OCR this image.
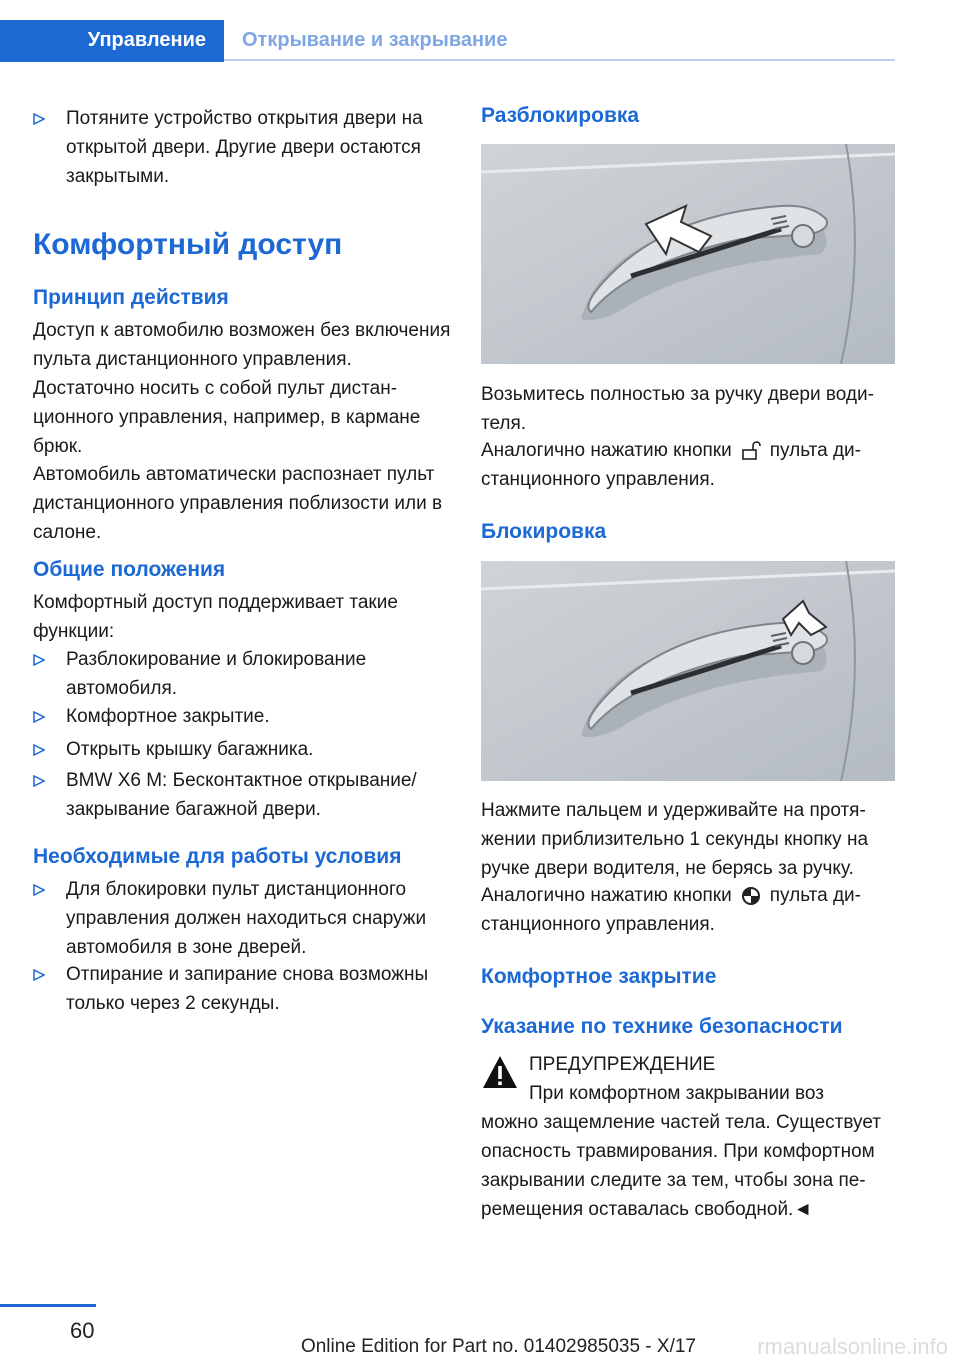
Управление Открывание и закрывание
Потяните устройство открытия двери на открытой двери. Другие двери остаются закрытыми.
Комфортный доступ
Принцип действия

Доступ к автомобилю возможен без включения пульта дистанционного управления.

Достаточно носить с собой пульт дистанционного управления, например, в кармане брюк.

Автомобиль автоматически распознает пульт дистанционного управления поблизости или в салоне.

Общие положения

Комфортный доступ поддерживает такие функции:

Разблокирование и блокирование автомобиля.
Комфортное закрытие.
Открыть крышку багажника.
BMW X6 M: Бесконтактное открывание/закрывание багажной двери.
Необходимые для работы условия
Для блокировки пульт дистанционного управления должен находиться снаружи автомобиля в зоне дверей.
Отпирание и запирание снова возможны только через 2 секунды.
Разблокировка

Возьмитесь полностью за ручку двери водителя.

Аналогично нажатию кнопки пульта дистанционного управления.

Блокировка

Нажмите пальцем и удерживайте на протяжении приблизительно 1 секунды кнопку на ручке двери водителя, не берясь за ручку.

Аналогично нажатию кнопки пульта дистанционного управления.

Комфортное закрытие
Указание по технике безопасности

ПРЕДУПРЕЖДЕНИЕ

При комфортном закрывании воз

можно защемление частей тела. Существует опасность травмирования. При комфортном закрывании следите за тем, чтобы зона перемещения оставалась свободной.◄

60
Online Edition for Part no. 01402985035 - X/17	rmanualsonline.info
